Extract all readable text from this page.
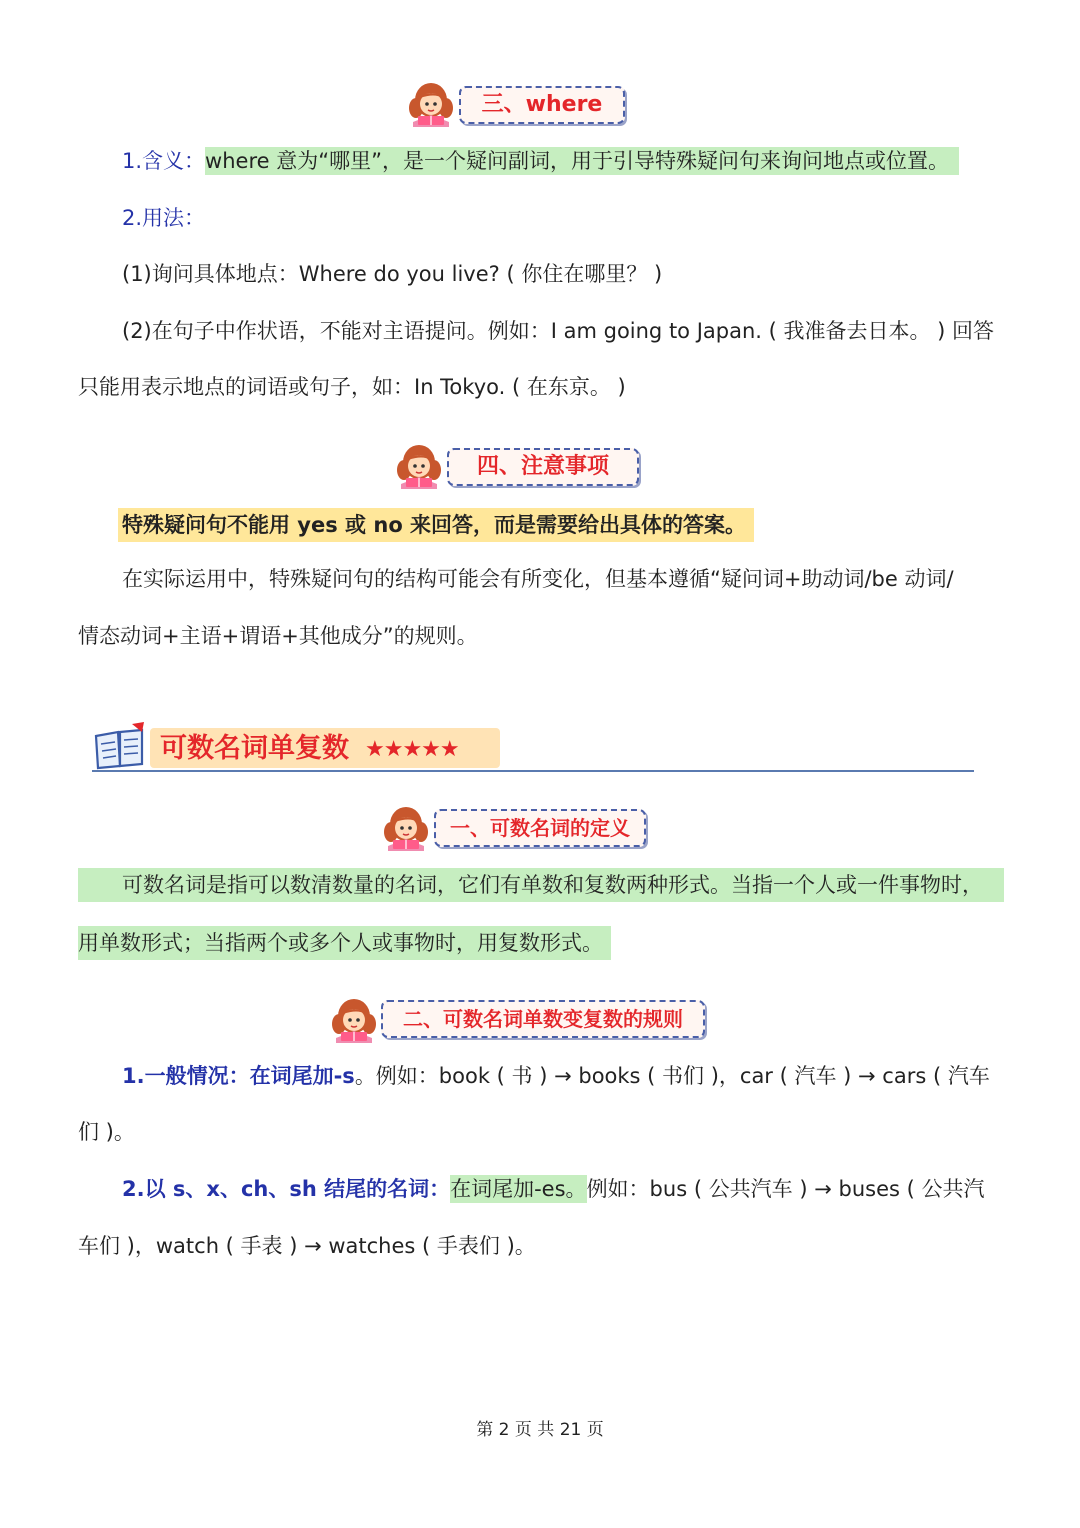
三、where
1.含义：where 意为“哪里”，是一个疑问副词，用于引导特殊疑问句来询问地点或位置。
2.用法：
(1)询问具体地点：Where do you live? ( 你住在哪里？ )
(2)在句子中作状语，不能对主语提问。例如：I am going to Japan. ( 我准备去日本。 ) 回答
只能用表示地点的词语或句子，如：In Tokyo. ( 在东京。 )
四、注意事项
特殊疑问句不能用 yes 或 no 来回答，而是需要给出具体的答案。
在实际运用中，特殊疑问句的结构可能会有所变化，但基本遵循“疑问词+助动词/be 动词/
情态动词+主语+谓语+其他成分”的规则。
可数名词单复数 ★★★★★
一、可数名词的定义
可数名词是指可以数清数量的名词，它们有单数和复数两种形式。当指一个人或一件事物时，
用单数形式；当指两个或多个人或事物时，用复数形式。
二、可数名词单数变复数的规则
1.一般情况：在词尾加-s。例如：book ( 书 ) → books ( 书们 )，car ( 汽车 ) → cars ( 汽车
们 )。
2.以 s、x、ch、sh 结尾的名词：在词尾加-es。例如：bus ( 公共汽车 ) → buses ( 公共汽
车们 )，watch ( 手表 ) → watches ( 手表们 )。
第 2 页 共 21 页
